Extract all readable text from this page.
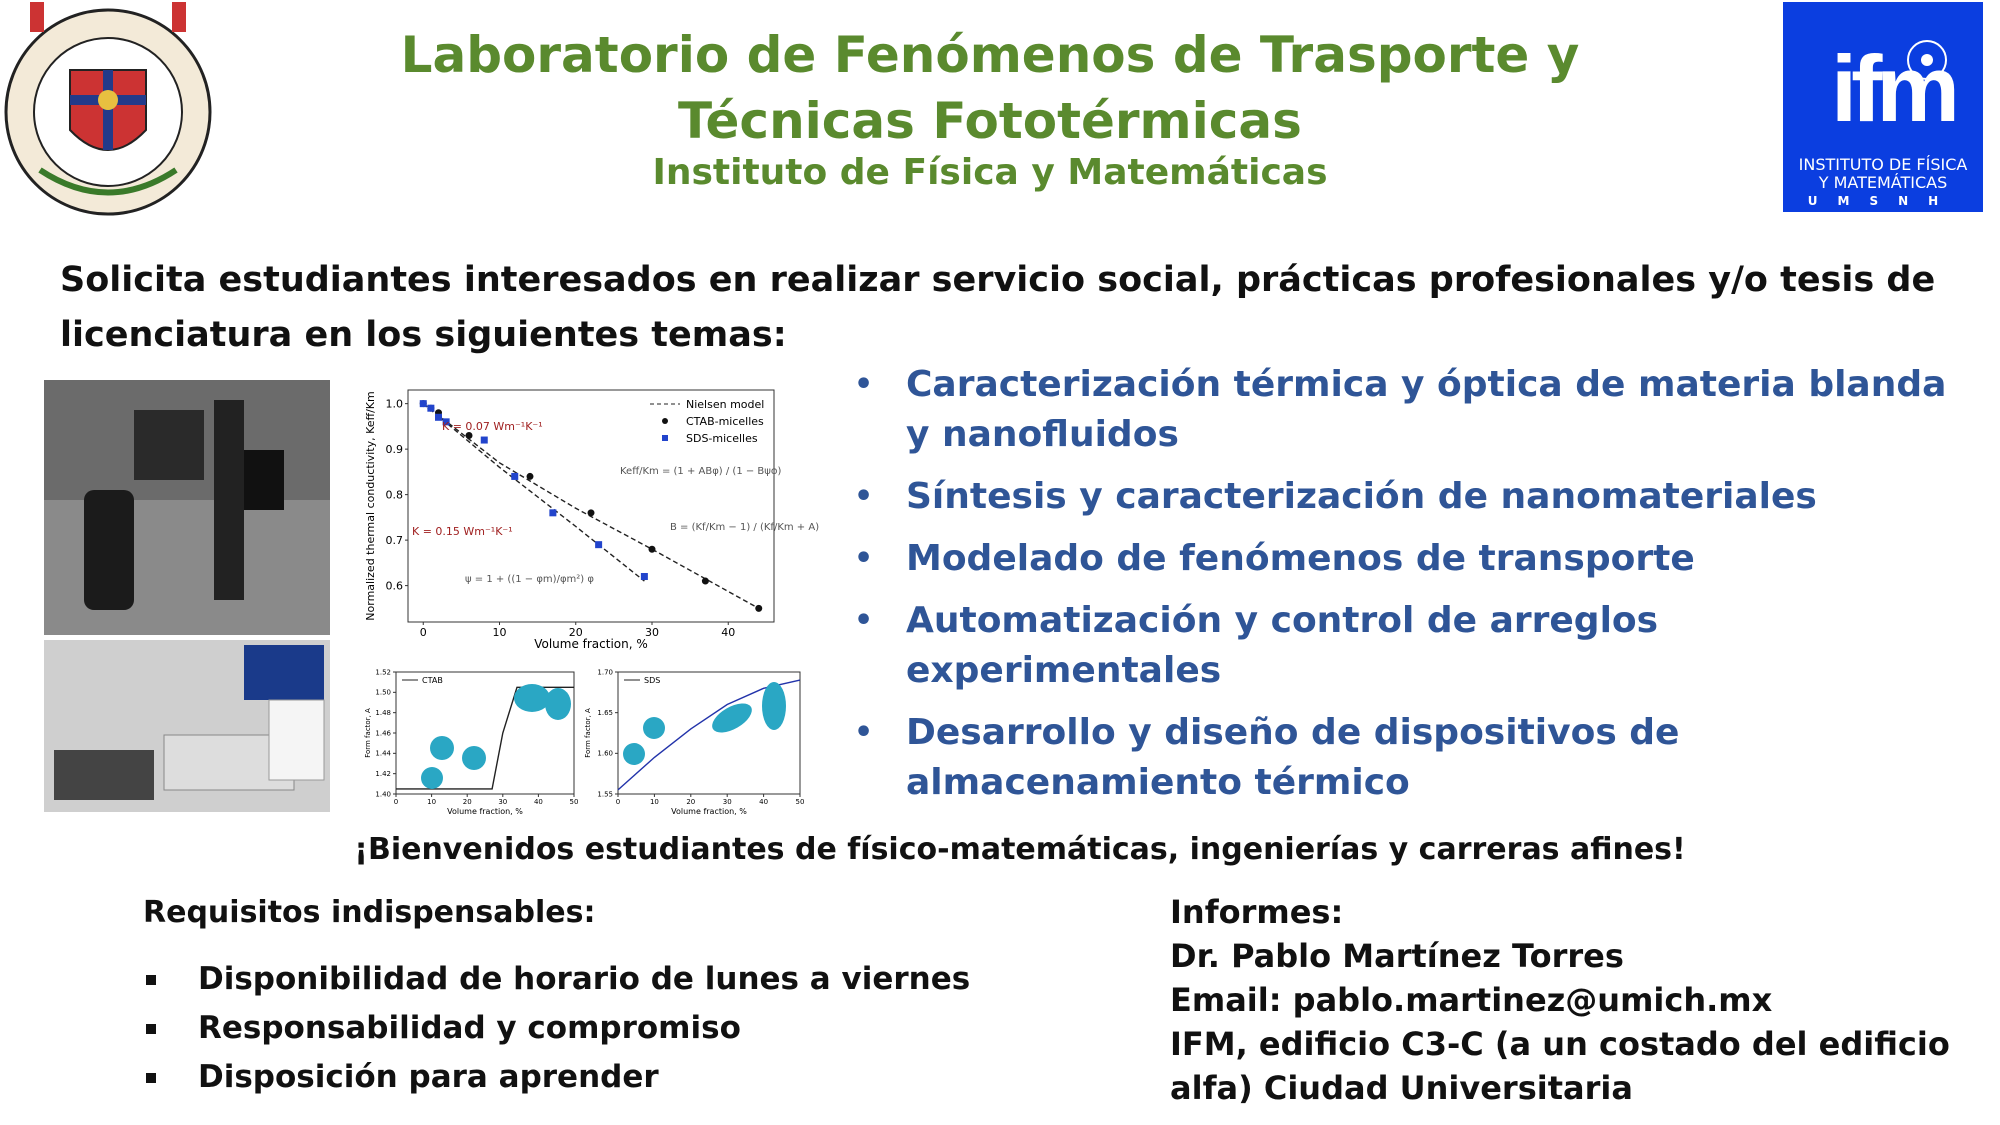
Laboratorio de Fenómenos de Trasporte y Técnicas Fototérmicas
Instituto de Física y Matemáticas
ifm
INSTITUTO DE FÍSICA
Y MATEMÁTICAS
UMSNH
Solicita estudiantes interesados en realizar servicio social, prácticas profesionales y/o tesis de licenciatura en los siguientes temas:
0	10	20	30	40
0.6
0.7
0.8
0.9
1.0
Volume fraction, %
Normalized thermal conductivity, Keff/Km	Nielsen model
CTAB-micelles
SDS-micelles
K = 0.07 Wm⁻¹K⁻¹
K = 0.15 Wm⁻¹K⁻¹
Keff/Km = (1 + ABφ) / (1 − Bψφ)
B = (Kf/Km − 1) / (Kf/Km + A)
ψ = 1 + ((1 − φm)/φm²) φ
0	10	20	30	40	50
1.40
1.42
1.44
1.46
1.48
1.50
1.52
Volume fraction, %
Form factor, A
CTAB
0	10	20	30	40	50
1.55
1.60
1.65
1.70
Volume fraction, %
Form factor, A
SDS
• Caracterización térmica y óptica de materia blanda y nanofluidos
• Síntesis y caracterización de nanomateriales
• Modelado de fenómenos de transporte
• Automatización y control de arreglos experimentales
• Desarrollo y diseño de dispositivos de almacenamiento térmico
¡Bienvenidos estudiantes de físico-matemáticas, ingenierías y carreras afines!
Requisitos indispensables:
Disponibilidad de horario de lunes a viernes
Responsabilidad y compromiso
Disposición para aprender
Informes:
Dr. Pablo Martínez Torres
Email: pablo.martinez@umich.mx
IFM, edificio C3-C (a un costado del edificio
alfa) Ciudad Universitaria
